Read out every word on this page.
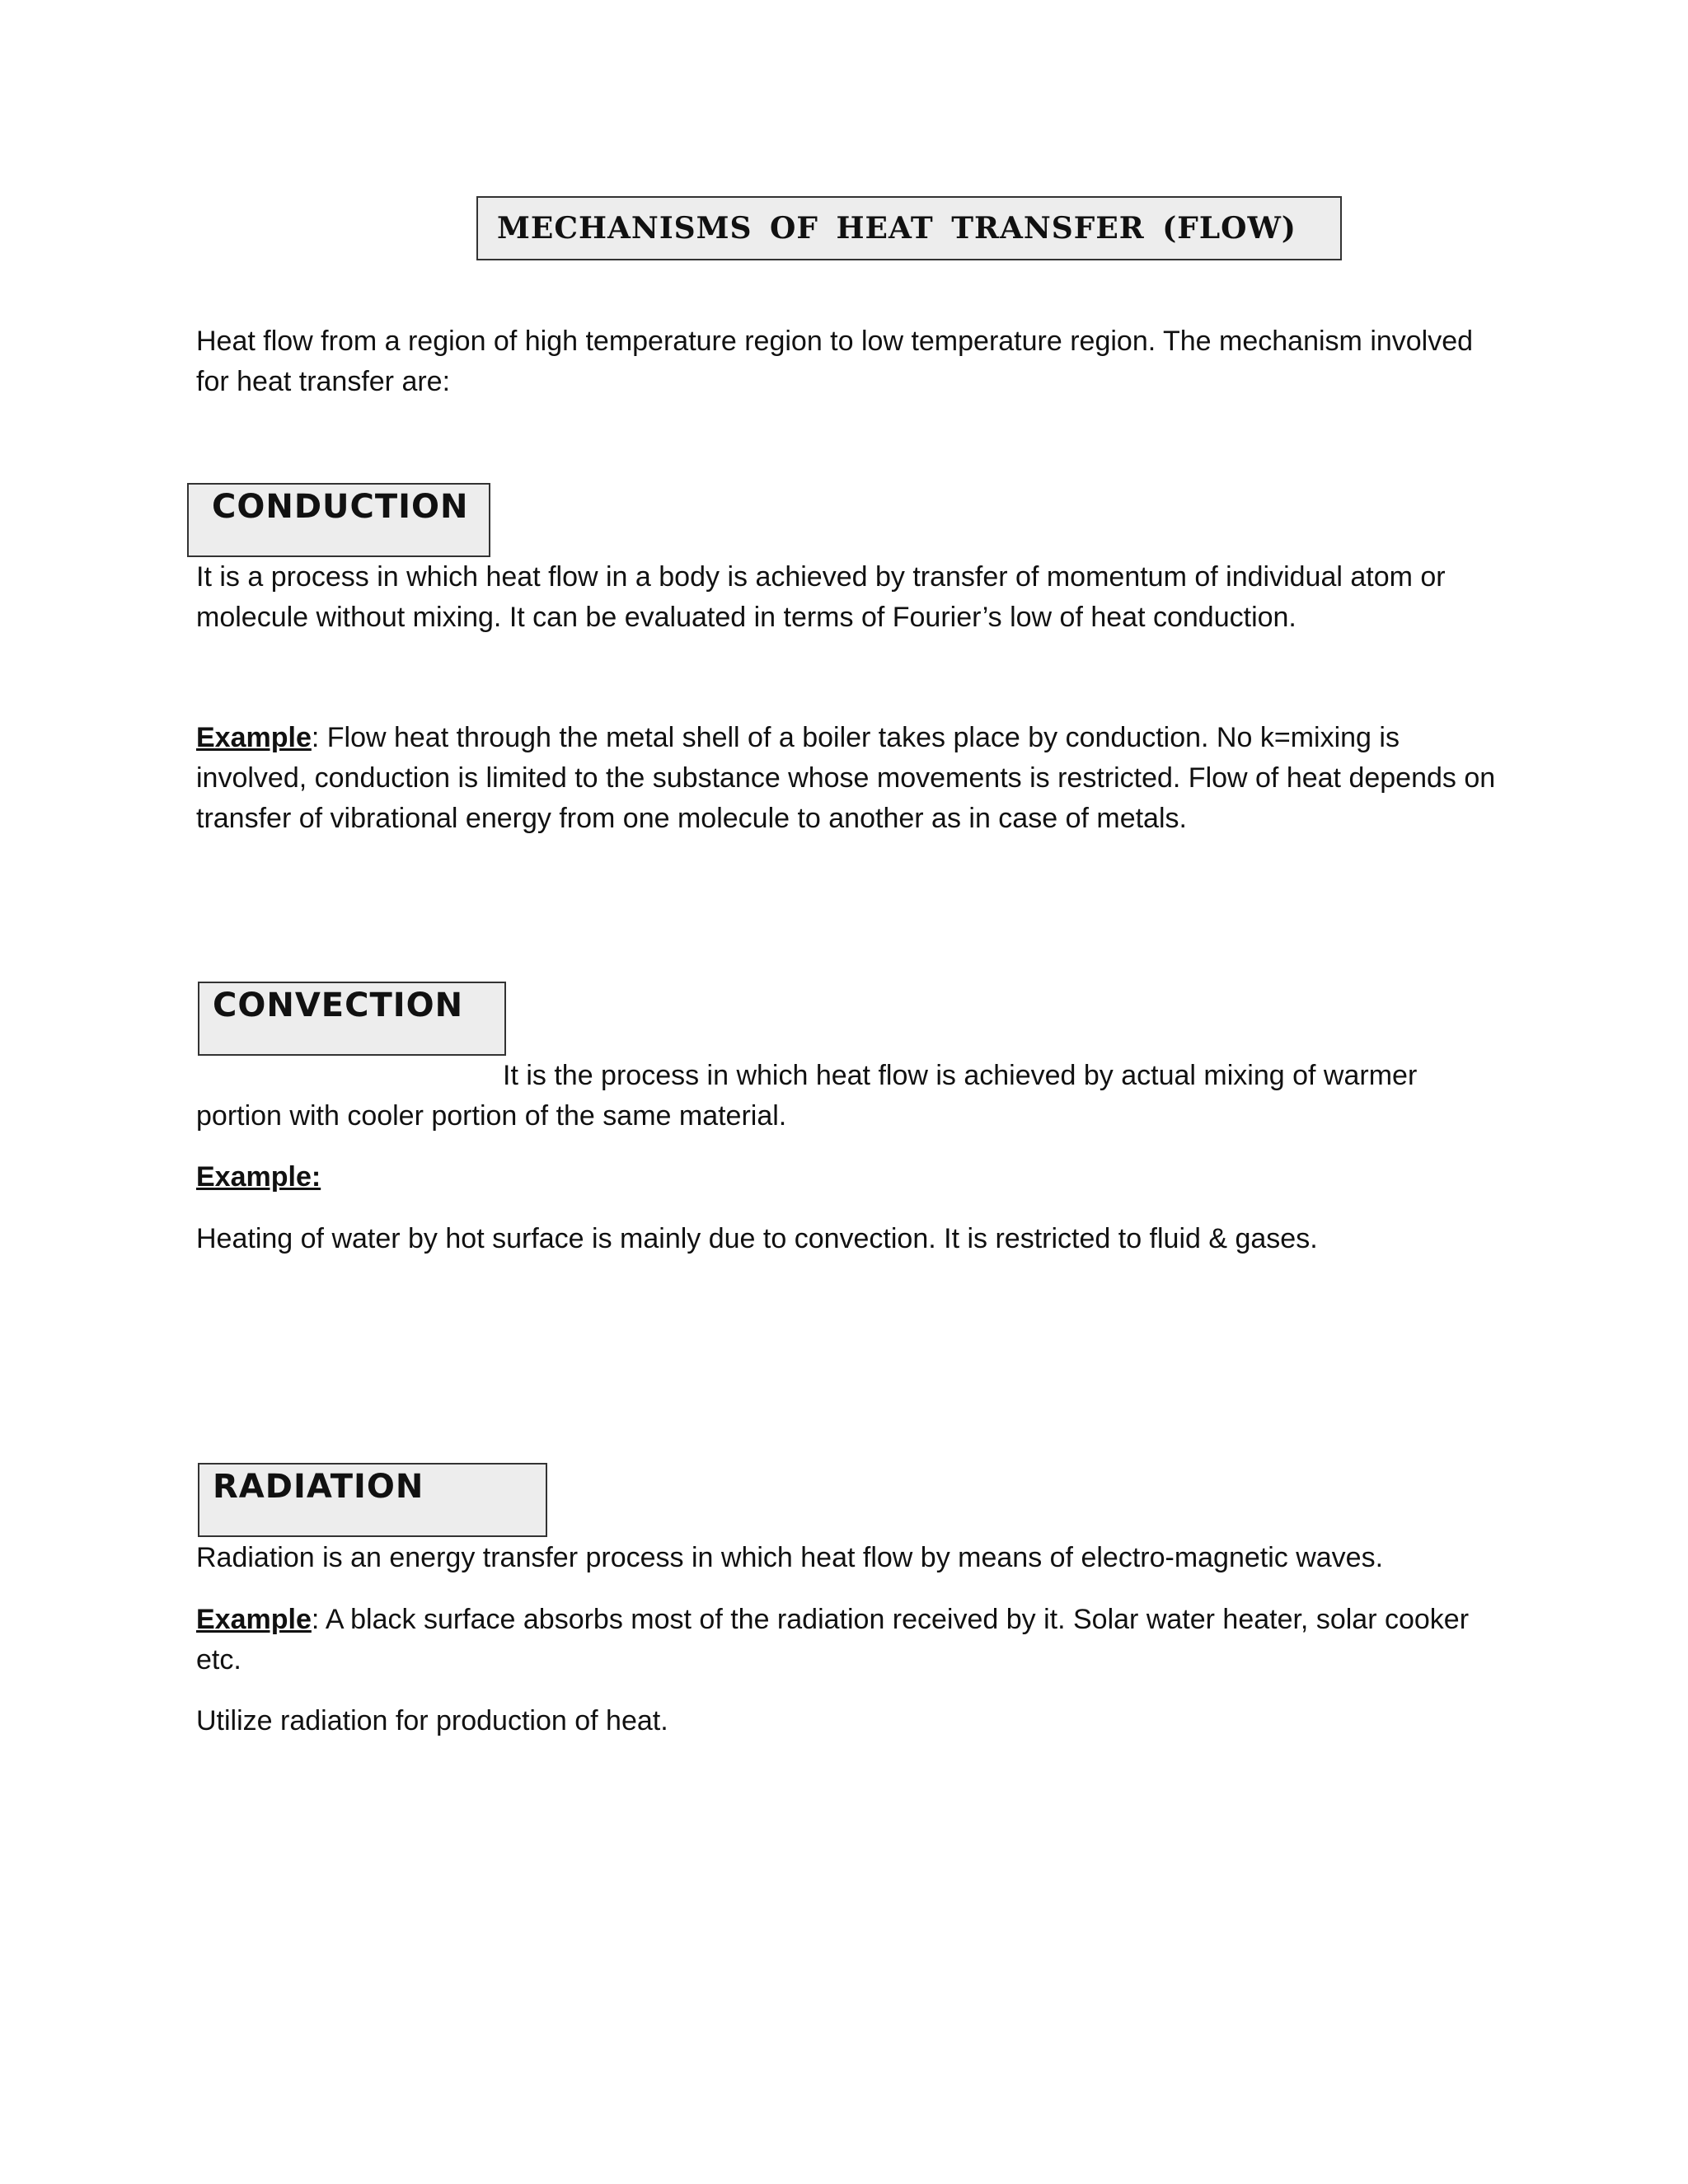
MECHANISMS OF HEAT TRANSFER (FLOW)

Heat flow from a region of high temperature region to low temperature region. The mechanism involved for heat transfer are:

CONDUCTION

It is a process in which heat flow in a body is achieved by transfer of momentum of individual atom or molecule without mixing. It can be evaluated in terms of Fourier’s low of heat conduction.

Example: Flow heat through the metal shell of a boiler takes place by conduction. No k=mixing is involved, conduction is limited to the substance whose movements is restricted. Flow of heat depends on transfer of vibrational energy from one molecule to another as in case of metals.

CONVECTION

It is the process in which heat flow is achieved by actual mixing of warmer portion with cooler portion of the same material.

Example:

Heating of water by hot surface is mainly due to convection. It is restricted to fluid & gases.

RADIATION

Radiation is an energy transfer process in which heat flow by means of electro-magnetic waves.

Example: A black surface absorbs most of the radiation received by it. Solar water heater, solar cooker etc.

Utilize radiation for production of heat.
